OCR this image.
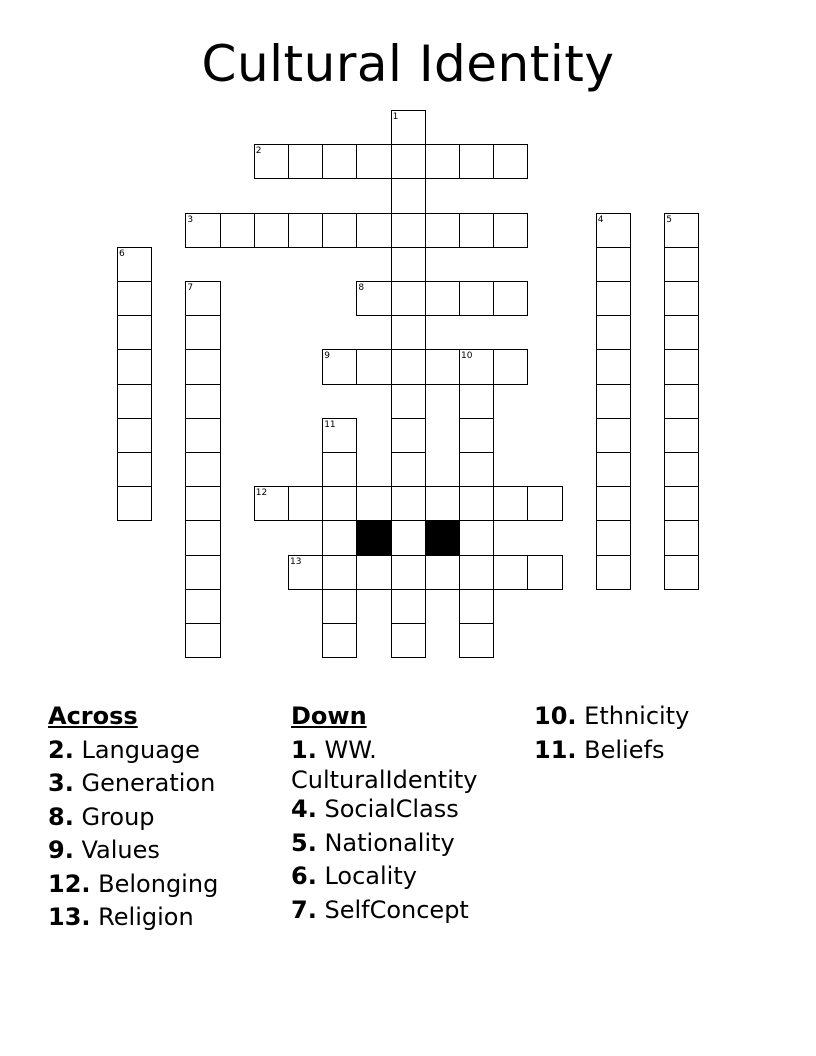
Cultural Identity
1
2
3	4	5
6
7	8
9	10
11
12
13
Across
2. Language
3. Generation
8. Group
9. Values
12. Belonging
13. Religion
Down
1. WW.
CulturalIdentity
4. SocialClass
5. Nationality
6. Locality
7. SelfConcept
10. Ethnicity
11. Beliefs
